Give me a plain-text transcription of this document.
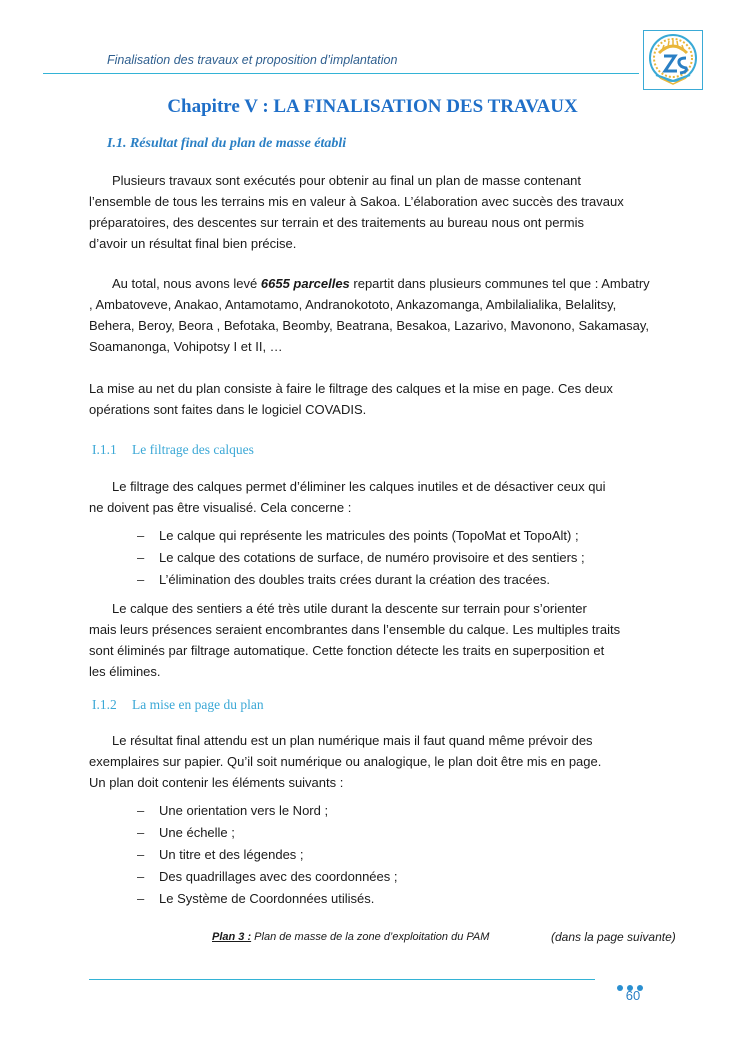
Finalisation des travaux et proposition d’implantation
Chapitre V : LA FINALISATION DES TRAVAUX
I.1. Résultat final du plan de masse établi
Plusieurs travaux sont exécutés pour obtenir au final un plan de masse contenant
l’ensemble de tous les terrains mis en valeur à Sakoa. L’élaboration avec succès des travaux
préparatoires, des descentes sur terrain et des traitements au bureau nous ont permis
d’avoir un résultat final bien précise.
Au total, nous avons levé 6655 parcelles repartit dans plusieurs communes tel que : Ambatry
, Ambatoveve, Anakao, Antamotamo, Andranokototo, Ankazomanga, Ambilalialika, Belalitsy,
Behera, Beroy, Beora , Befotaka, Beomby, Beatrana, Besakoa, Lazarivo, Mavonono, Sakamasay,
Soamanonga, Vohipotsy I et II, …
La mise au net du plan consiste à faire le filtrage des calques et la mise en page. Ces deux
opérations sont faites dans le logiciel COVADIS.
I.1.1 Le filtrage des calques
Le filtrage des calques permet d’éliminer les calques inutiles et de désactiver ceux qui
ne doivent pas être visualisé. Cela concerne :
– Le calque qui représente les matricules des points (TopoMat et TopoAlt) ;
– Le calque des cotations de surface, de numéro provisoire et des sentiers ;
– L’élimination des doubles traits crées durant la création des tracées.
Le calque des sentiers a été très utile durant la descente sur terrain pour s’orienter
mais leurs présences seraient encombrantes dans l’ensemble du calque. Les multiples traits
sont éliminés par filtrage automatique. Cette fonction détecte les traits en superposition et
les élimines.
I.1.2 La mise en page du plan
Le résultat final attendu est un plan numérique mais il faut quand même prévoir des
exemplaires sur papier. Qu’il soit numérique ou analogique, le plan doit être mis en page.
Un plan doit contenir les éléments suivants :
– Une orientation vers le Nord ;
– Une échelle ;
– Un titre et des légendes ;
– Des quadrillages avec des coordonnées ;
– Le Système de Coordonnées utilisés.
Plan 3 : Plan de masse de la zone d’exploitation du PAM	(dans la page suivante)
60
